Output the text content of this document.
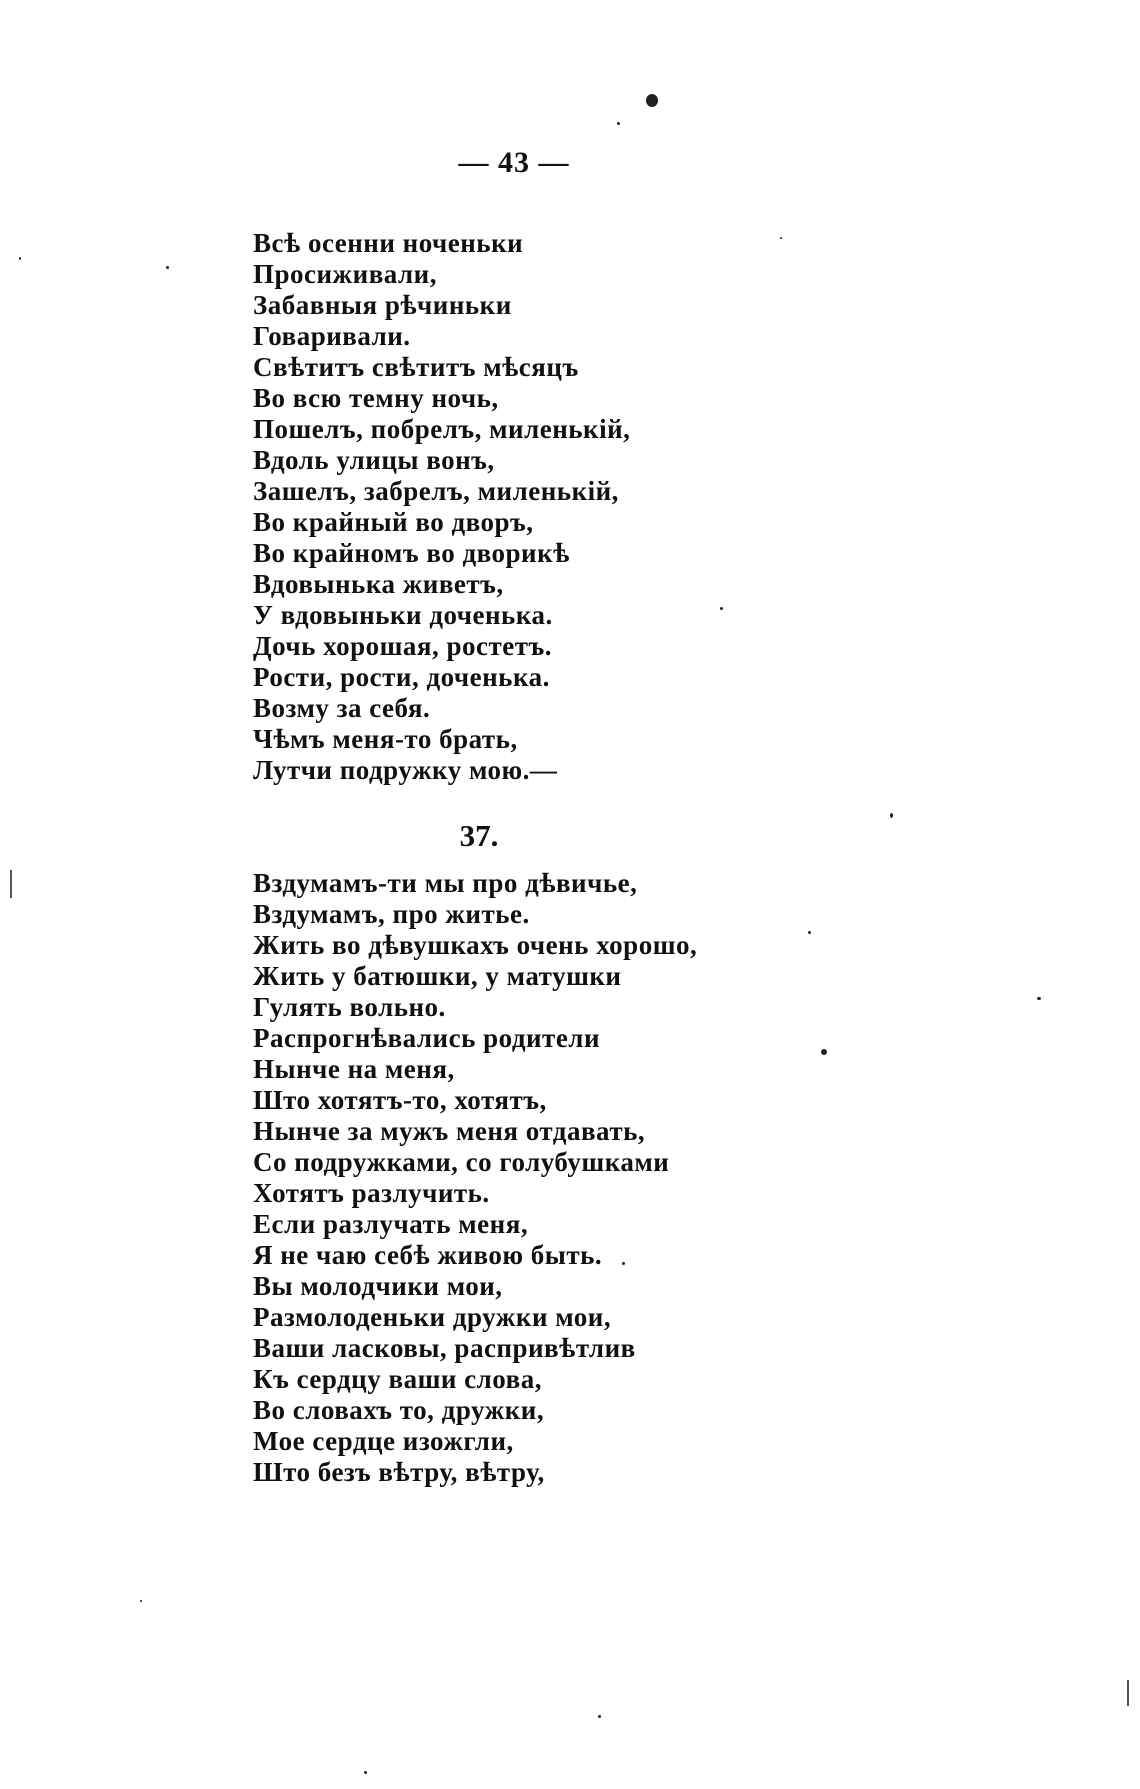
— 43 —
Всѣ осенни ноченьки
Просиживали,
Забавныя рѣчиньки
Говаривали.
Свѣтитъ свѣтитъ мѣсяцъ
Во всю темну ночь,
Пошелъ, побрелъ, миленькій,
Вдоль улицы вонъ,
Зашелъ, забрелъ, миленькій,
Во крайный во дворъ,
Во крайномъ во дворикѣ
Вдовынька живетъ,
У вдовыньки доченька.
Дочь хорошая, ростетъ.
Рости, рости, доченька.
Возму за себя.
Чѣмъ меня-то брать,
Лутчи подружку мою.—
37.
Вздумамъ-ти мы про дѣвичье,
Вздумамъ, про житье.
Жить во дѣвушкахъ очень хорошо,
Жить у батюшки, у матушки
Гулять вольно.
Распрогнѣвались родители
Нынче на меня,
Што хотятъ-то, хотятъ,
Нынче за мужъ меня отдавать,
Со подружками, со голубушками
Хотятъ разлучить.
Если разлучать меня,
Я не чаю себѣ живою быть.
Вы молодчики мои,
Размолоденьки дружки мои,
Ваши ласковы, распривѣтлив
Къ сердцу ваши слова,
Во словахъ то, дружки,
Мое сердце изожгли,
Што безъ вѣтру, вѣтру,
